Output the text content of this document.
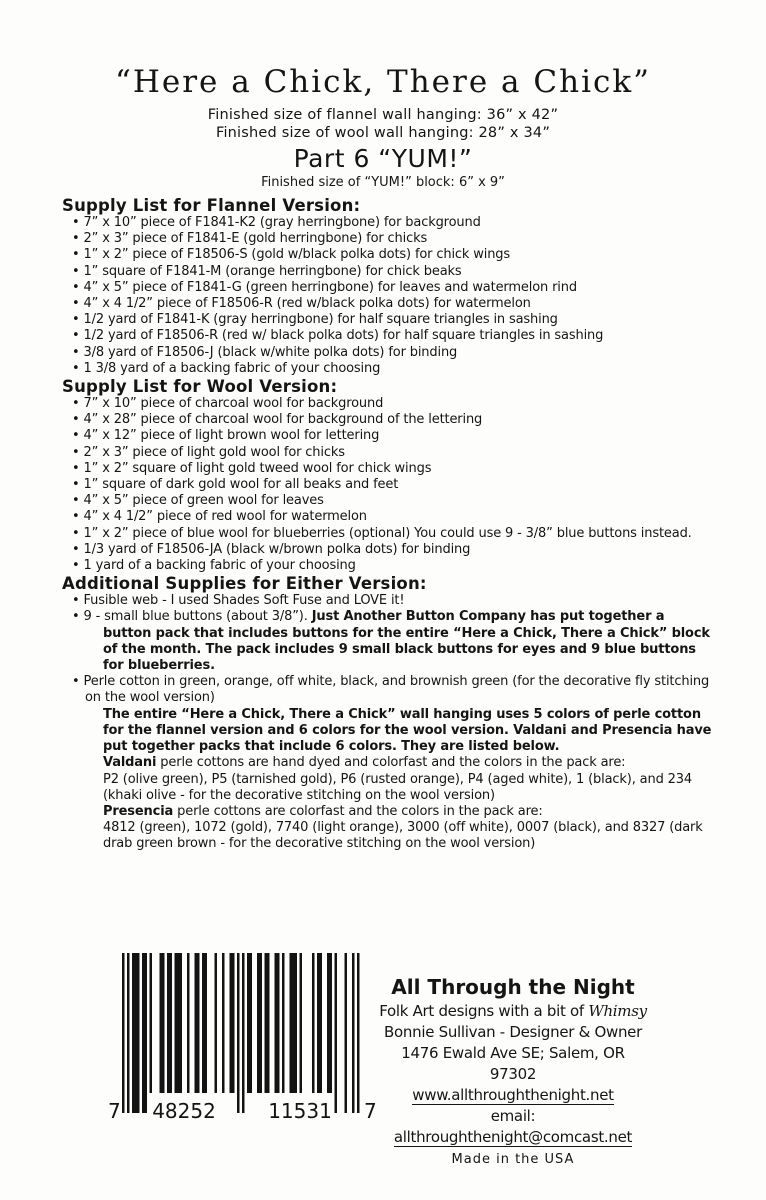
“Here a Chick, There a Chick”
Finished size of flannel wall hanging: 36” x 42”
Finished size of wool wall hanging: 28” x 34”
Part 6 “YUM!”
Finished size of “YUM!” block: 6” x 9”
Supply List for Flannel Version:
• 7” x 10” piece of F1841-K2 (gray herringbone) for background
• 2” x 3” piece of F1841-E (gold herringbone) for chicks
• 1” x 2” piece of F18506-S (gold w/black polka dots) for chick wings
• 1” square of F1841-M (orange herringbone) for chick beaks
• 4” x 5” piece of F1841-G (green herringbone) for leaves and watermelon rind
• 4” x 4 1/2” piece of F18506-R (red w/black polka dots) for watermelon
• 1/2 yard of F1841-K (gray herringbone) for half square triangles in sashing
• 1/2 yard of F18506-R (red w/ black polka dots) for half square triangles in sashing
• 3/8 yard of F18506-J (black w/white polka dots) for binding
• 1 3/8 yard of a backing fabric of your choosing
Supply List for Wool Version:
• 7” x 10” piece of charcoal wool for background
• 4” x 28” piece of charcoal wool for background of the lettering
• 4” x 12” piece of light brown wool for lettering
• 2” x 3” piece of light gold wool for chicks
• 1” x 2” square of light gold tweed wool for chick wings
• 1” square of dark gold wool for all beaks and feet
• 4” x 5” piece of green wool for leaves
• 4” x 4 1/2” piece of red wool for watermelon
• 1” x 2” piece of blue wool for blueberries (optional) You could use 9 - 3/8” blue buttons instead.
• 1/3 yard of F18506-JA (black w/brown polka dots) for binding
• 1 yard of a backing fabric of your choosing
Additional Supplies for Either Version:
• Fusible web - I used Shades Soft Fuse and LOVE it!
• 9 - small blue buttons (about 3/8”). Just Another Button Company has put together a button pack that includes buttons for the entire “Here a Chick, There a Chick” block of the month. The pack includes 9 small black buttons for eyes and 9 blue buttons for blueberries.
• Perle cotton in green, orange, off white, black, and brownish green (for the decorative fly stitching on the wool version)
The entire “Here a Chick, There a Chick” wall hanging uses 5 colors of perle cotton for the flannel version and 6 colors for the wool version. Valdani and Presencia have put together packs that include 6 colors. They are listed below.
Valdani perle cottons are hand dyed and colorfast and the colors in the pack are:
P2 (olive green), P5 (tarnished gold), P6 (rusted orange), P4 (aged white), 1 (black), and 234 (khaki olive - for the decorative stitching on the wool version)
Presencia perle cottons are colorfast and the colors in the pack are:
4812 (green), 1072 (gold), 7740 (light orange), 3000 (off white), 0007 (black), and 8327 (dark drab green brown - for the decorative stitching on the wool version)
7 48252	11531 7
All Through the Night
Folk Art designs with a bit of Whimsy
Bonnie Sullivan - Designer & Owner
1476 Ewald Ave SE; Salem, OR 97302
www.allthroughthenight.net
email: allthroughthenight@comcast.net
Made in the USA
